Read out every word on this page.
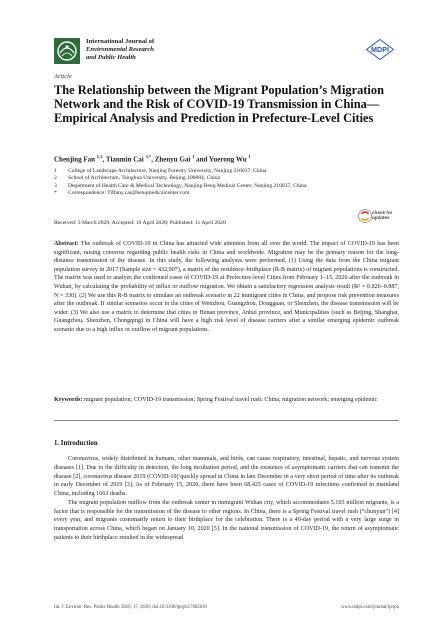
International Journal of
Environmental Research
and Public Health
MDPI
Article
The Relationship between the Migrant Population’s Migration Network and the Risk of COVID-19 Transmission in China—Empirical Analysis and Prediction in Prefecture-Level Cities
Chenjing Fan $^{1,2}$, Tianmin Cai $^{3,*}$, Zhenyu Gai $^1$ and Yuerong Wu $^1$
1	College of Landscape Architecture, Nanjing Forestry University, Nanjing 210037, China
2	School of Architecture, Tsinghua University, Beijing 100084, China
3	Department of Health Care & Medical Technology, Nanjing Benq Medical Center, Nanjing 210037, China
*	Correspondence: Tiffany.cai@benqmedicalcenter.com
Received: 3 March 2020; Accepted: 10 April 2020; Published: 11 April 2020
check for
updates
Abstract: The outbreak of COVID-19 in China has attracted wide attention from all over the world. The impact of COVID-19 has been significant, raising concerns regarding public health risks in China and worldwide. Migration may be the primary reason for the long-distance transmission of the disease. In this study, the following analyses were performed. (1) Using the data from the China migrant population survey in 2017 (Sample size = 432,907), a matrix of the residence–birthplace (R-B matrix) of migrant populations is constructed. The matrix was used to analyze the confirmed cases of COVID-19 at Prefecture-level Cities from February 1–15, 2020 after the outbreak in Wuhan, by calculating the probability of influx or outflow migration. We obtain a satisfactory regression analysis result (R² = 0.826–0.887, N = 330). (2) We use this R-B matrix to simulate an outbreak scenario in 22 immigrant cities in China, and propose risk prevention measures after the outbreak. If similar scenarios occur in the cities of Wenzhou, Guangzhou, Dongguan, or Shenzhen, the disease transmission will be wider. (3) We also use a matrix to determine that cities in Henan province, Anhui province, and Municipalities (such as Beijing, Shanghai, Guangzhou, Shenzhen, Chongqing) in China will have a high risk level of disease carriers after a similar emerging epidemic outbreak scenario due to a high influx or outflow of migrant populations.
Keywords: migrant population; COVID-19 transmission; Spring Festival travel rush; China; migration network; emerging epidemic
1. Introduction

Coronavirus, widely distributed in humans, other mammals, and birds, can cause respiratory, intestinal, hepatic, and nervous system diseases [1]. Due to the difficulty in detection, the long incubation period, and the existence of asymptomatic carriers that can transmit the disease [2], coronavirus disease 2019 (COVID-19) quickly spread in China in late December in a very short period of time after its outbreak in early December of 2019 [3]. As of February 15, 2020, there have been 68,425 cases of COVID-19 infections confirmed in mainland China, including 1663 deaths.

The migrant population outflow from the outbreak center in immigrant Wuhan city, which accommodates 5.103 million migrants, is a factor that is responsible for the transmission of the disease to other regions. In China, there is a Spring Festival travel rush (“chunyun”) [4] every year, and migrants customarily return to their birthplace for the celebration. There is a 40-day period with a very large surge in transportation across China, which began on January 10, 2020 [5]. In the national transmission of COVID-19, the return of asymptomatic patients to their birthplace resulted in the widespread

Int. J. Environ. Res. Public Health 2020, 17, 2630; doi:10.3390/ijerph17082630	www.mdpi.com/journal/ijerph
